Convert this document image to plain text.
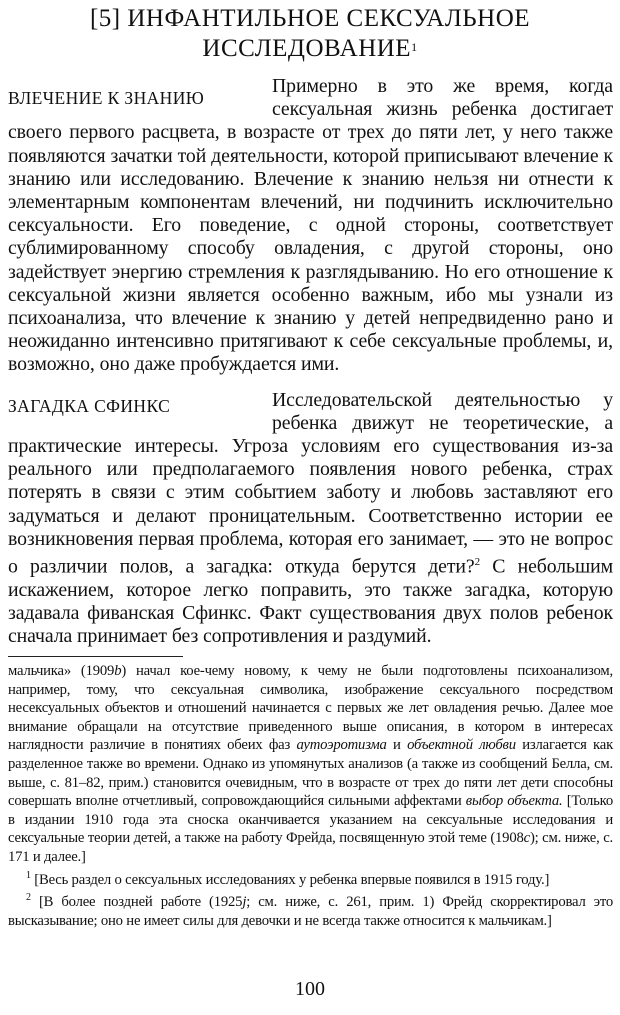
[5] ИНФАНТИЛЬНОЕ СЕКСУАЛЬНОЕ
ИССЛЕДОВАНИЕ$^1$

ВЛЕЧЕНИЕ К ЗНАНИЮ
Примерно в это же время, когда сексуальная жизнь ребенка достигает своего первого расцвета, в возрасте от трех до пяти лет, у него также появляются зачатки той деятельности, которой приписывают влечение к знанию или исследованию. Влечение к знанию нельзя ни отнести к элементарным компонентам влечений, ни подчинить исключительно сексуальности. Его поведение, с одной стороны, соответствует сублимированному способу овладения, с другой стороны, оно задействует энергию стремления к разглядыванию. Но его отношение к сексуальной жизни является особенно важным, ибо мы узнали из психоанализа, что влечение к знанию у детей непредвиденно рано и неожиданно интенсивно притягивают к себе сексуальные проблемы, и, возможно, оно даже пробуждается ими.

ЗАГАДКА СФИНКС	Исследовательской деятельностью у ребенка движут не теоретические, а практические интересы. Угроза условиям его существования из-за реального или предполагаемого появления нового ребенка, страх потерять в связи с этим событием заботу и любовь заставляют его задуматься и делают проницательным. Соответственно истории ее возникновения первая проблема, которая его занимает, — это не вопрос о различии полов, а загадка: откуда берутся дети?$^2$ С небольшим искажением, которое легко поправить, это также загадка, которую задавала фиванская Сфинкс. Факт существования двух полов ребенок сначала принимает без сопротивления и раздумий.

мальчика» (1909b) начал кое-чему новому, к чему не были подготовлены психоанализом, например, тому, что сексуальная символика, изображение сексуального посредством несексуальных объектов и отношений начинается с первых же лет овладения речью. Далее мое внимание обращали на отсутствие приведенного выше описания, в котором в интересах наглядности различие в понятиях обеих фаз аутоэротизма и объектной любви излагается как разделенное также во времени. Однако из упомянутых анализов (а также из сообщений Белла, см. выше, с. 81–82, прим.) становится очевидным, что в возрасте от трех до пяти лет дети способны совершать вполне отчетливый, сопровождающийся сильными аффектами выбор объекта. [Только в издании 1910 года эта сноска оканчивается указанием на сексуальные исследования и сексуальные теории детей, а также на работу Фрейда, посвященную этой теме (1908c); см. ниже, с. 171 и далее.]

$^1$ [Весь раздел о сексуальных исследованиях у ребенка впервые появился в 1915 году.]

$^2$ [В более поздней работе (1925j; см. ниже, с. 261, прим. 1) Фрейд скорректировал это высказывание; оно не имеет силы для девочки и не всегда также относится к мальчикам.]

100
